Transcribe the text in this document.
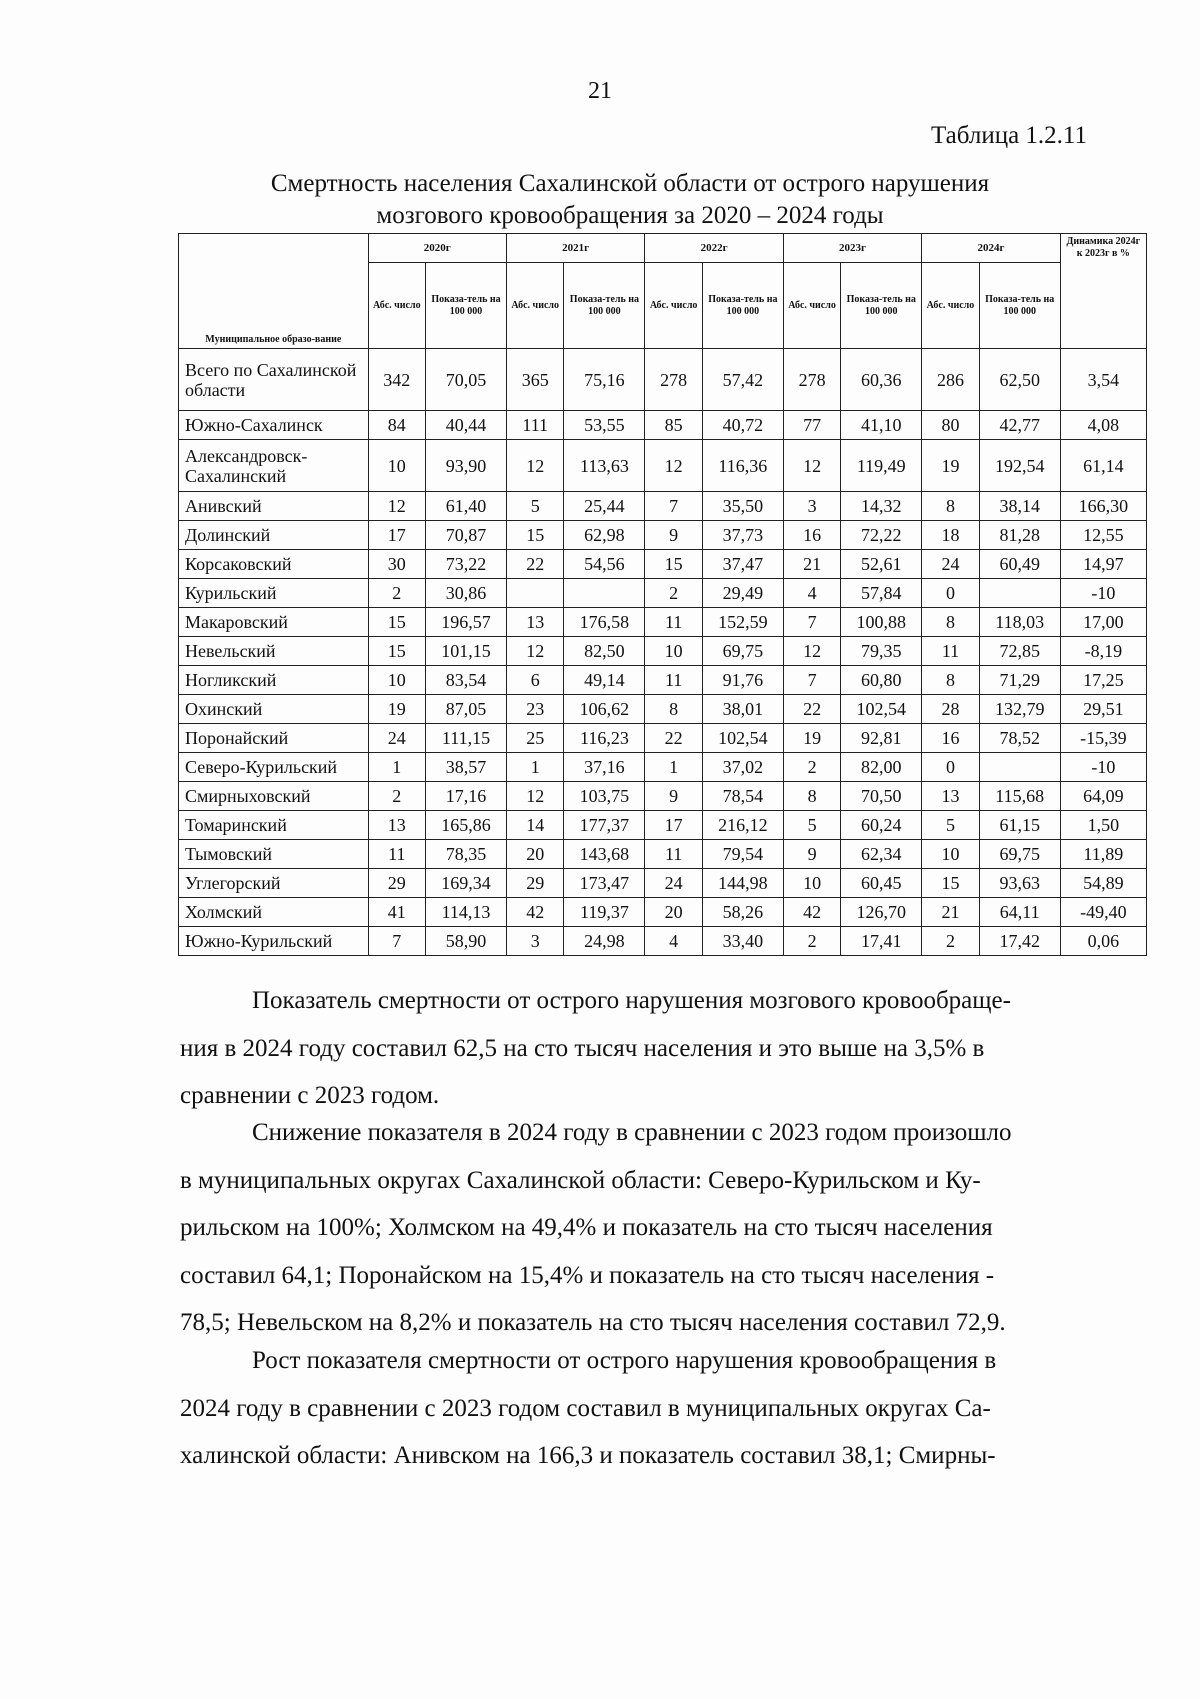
21
Таблица 1.2.11
Смертность населения Сахалинской области от острого нарушения
мозгового кровообращения за 2020 – 2024 годы
Муниципальное образо-вание	2020г		2021г		2022г		2023г		2024г		Динамика 2024г к 2023г в %
	Абс. число	Показа-тель на 100 000	Абс. число	Показа-тель на 100 000	Абс. число	Показа-тель на 100 000	Абс. число	Показа-тель на 100 000	Абс. число	Показа-тель на 100 000	
Всего по Сахалинской области	342	70,05	365	75,16	278	57,42	278	60,36	286	62,50	3,54
Южно-Сахалинск	84	40,44	111	53,55	85	40,72	77	41,10	80	42,77	4,08
Александровск-Сахалинский	10	93,90	12	113,63	12	116,36	12	119,49	19	192,54	61,14
Анивский	12	61,40	5	25,44	7	35,50	3	14,32	8	38,14	166,30
Долинский	17	70,87	15	62,98	9	37,73	16	72,22	18	81,28	12,55
Корсаковский	30	73,22	22	54,56	15	37,47	21	52,61	24	60,49	14,97
Курильский	2	30,86			2	29,49	4	57,84	0		-10
Макаровский	15	196,57	13	176,58	11	152,59	7	100,88	8	118,03	17,00
Невельский	15	101,15	12	82,50	10	69,75	12	79,35	11	72,85	-8,19
Ногликский	10	83,54	6	49,14	11	91,76	7	60,80	8	71,29	17,25
Охинский	19	87,05	23	106,62	8	38,01	22	102,54	28	132,79	29,51
Поронайский	24	111,15	25	116,23	22	102,54	19	92,81	16	78,52	-15,39
Северо-Курильский	1	38,57	1	37,16	1	37,02	2	82,00	0		-10
Смирныховский	2	17,16	12	103,75	9	78,54	8	70,50	13	115,68	64,09
Томаринский	13	165,86	14	177,37	17	216,12	5	60,24	5	61,15	1,50
Тымовский	11	78,35	20	143,68	11	79,54	9	62,34	10	69,75	11,89
Углегорский	29	169,34	29	173,47	24	144,98	10	60,45	15	93,63	54,89
Холмский	41	114,13	42	119,37	20	58,26	42	126,70	21	64,11	-49,40
Южно-Курильский	7	58,90	3	24,98	4	33,40	2	17,41	2	17,42	0,06
Показатель смертности от острого нарушения мозгового кровообраще-
ния в 2024 году составил 62,5 на сто тысяч населения и это выше на 3,5% в
сравнении с 2023 годом.
Снижение показателя в 2024 году в сравнении с 2023 годом произошло
в муниципальных округах Сахалинской области: Северо-Курильском и Ку-
рильском на 100%; Холмском на 49,4% и показатель на сто тысяч населения
составил 64,1; Поронайском на 15,4% и показатель на сто тысяч населения -
78,5; Невельском на 8,2% и показатель на сто тысяч населения составил 72,9.
Рост показателя смертности от острого нарушения кровообращения в
2024 году в сравнении с 2023 годом составил в муниципальных округах Са-
халинской области: Анивском на 166,3 и показатель составил 38,1; Смирны-
